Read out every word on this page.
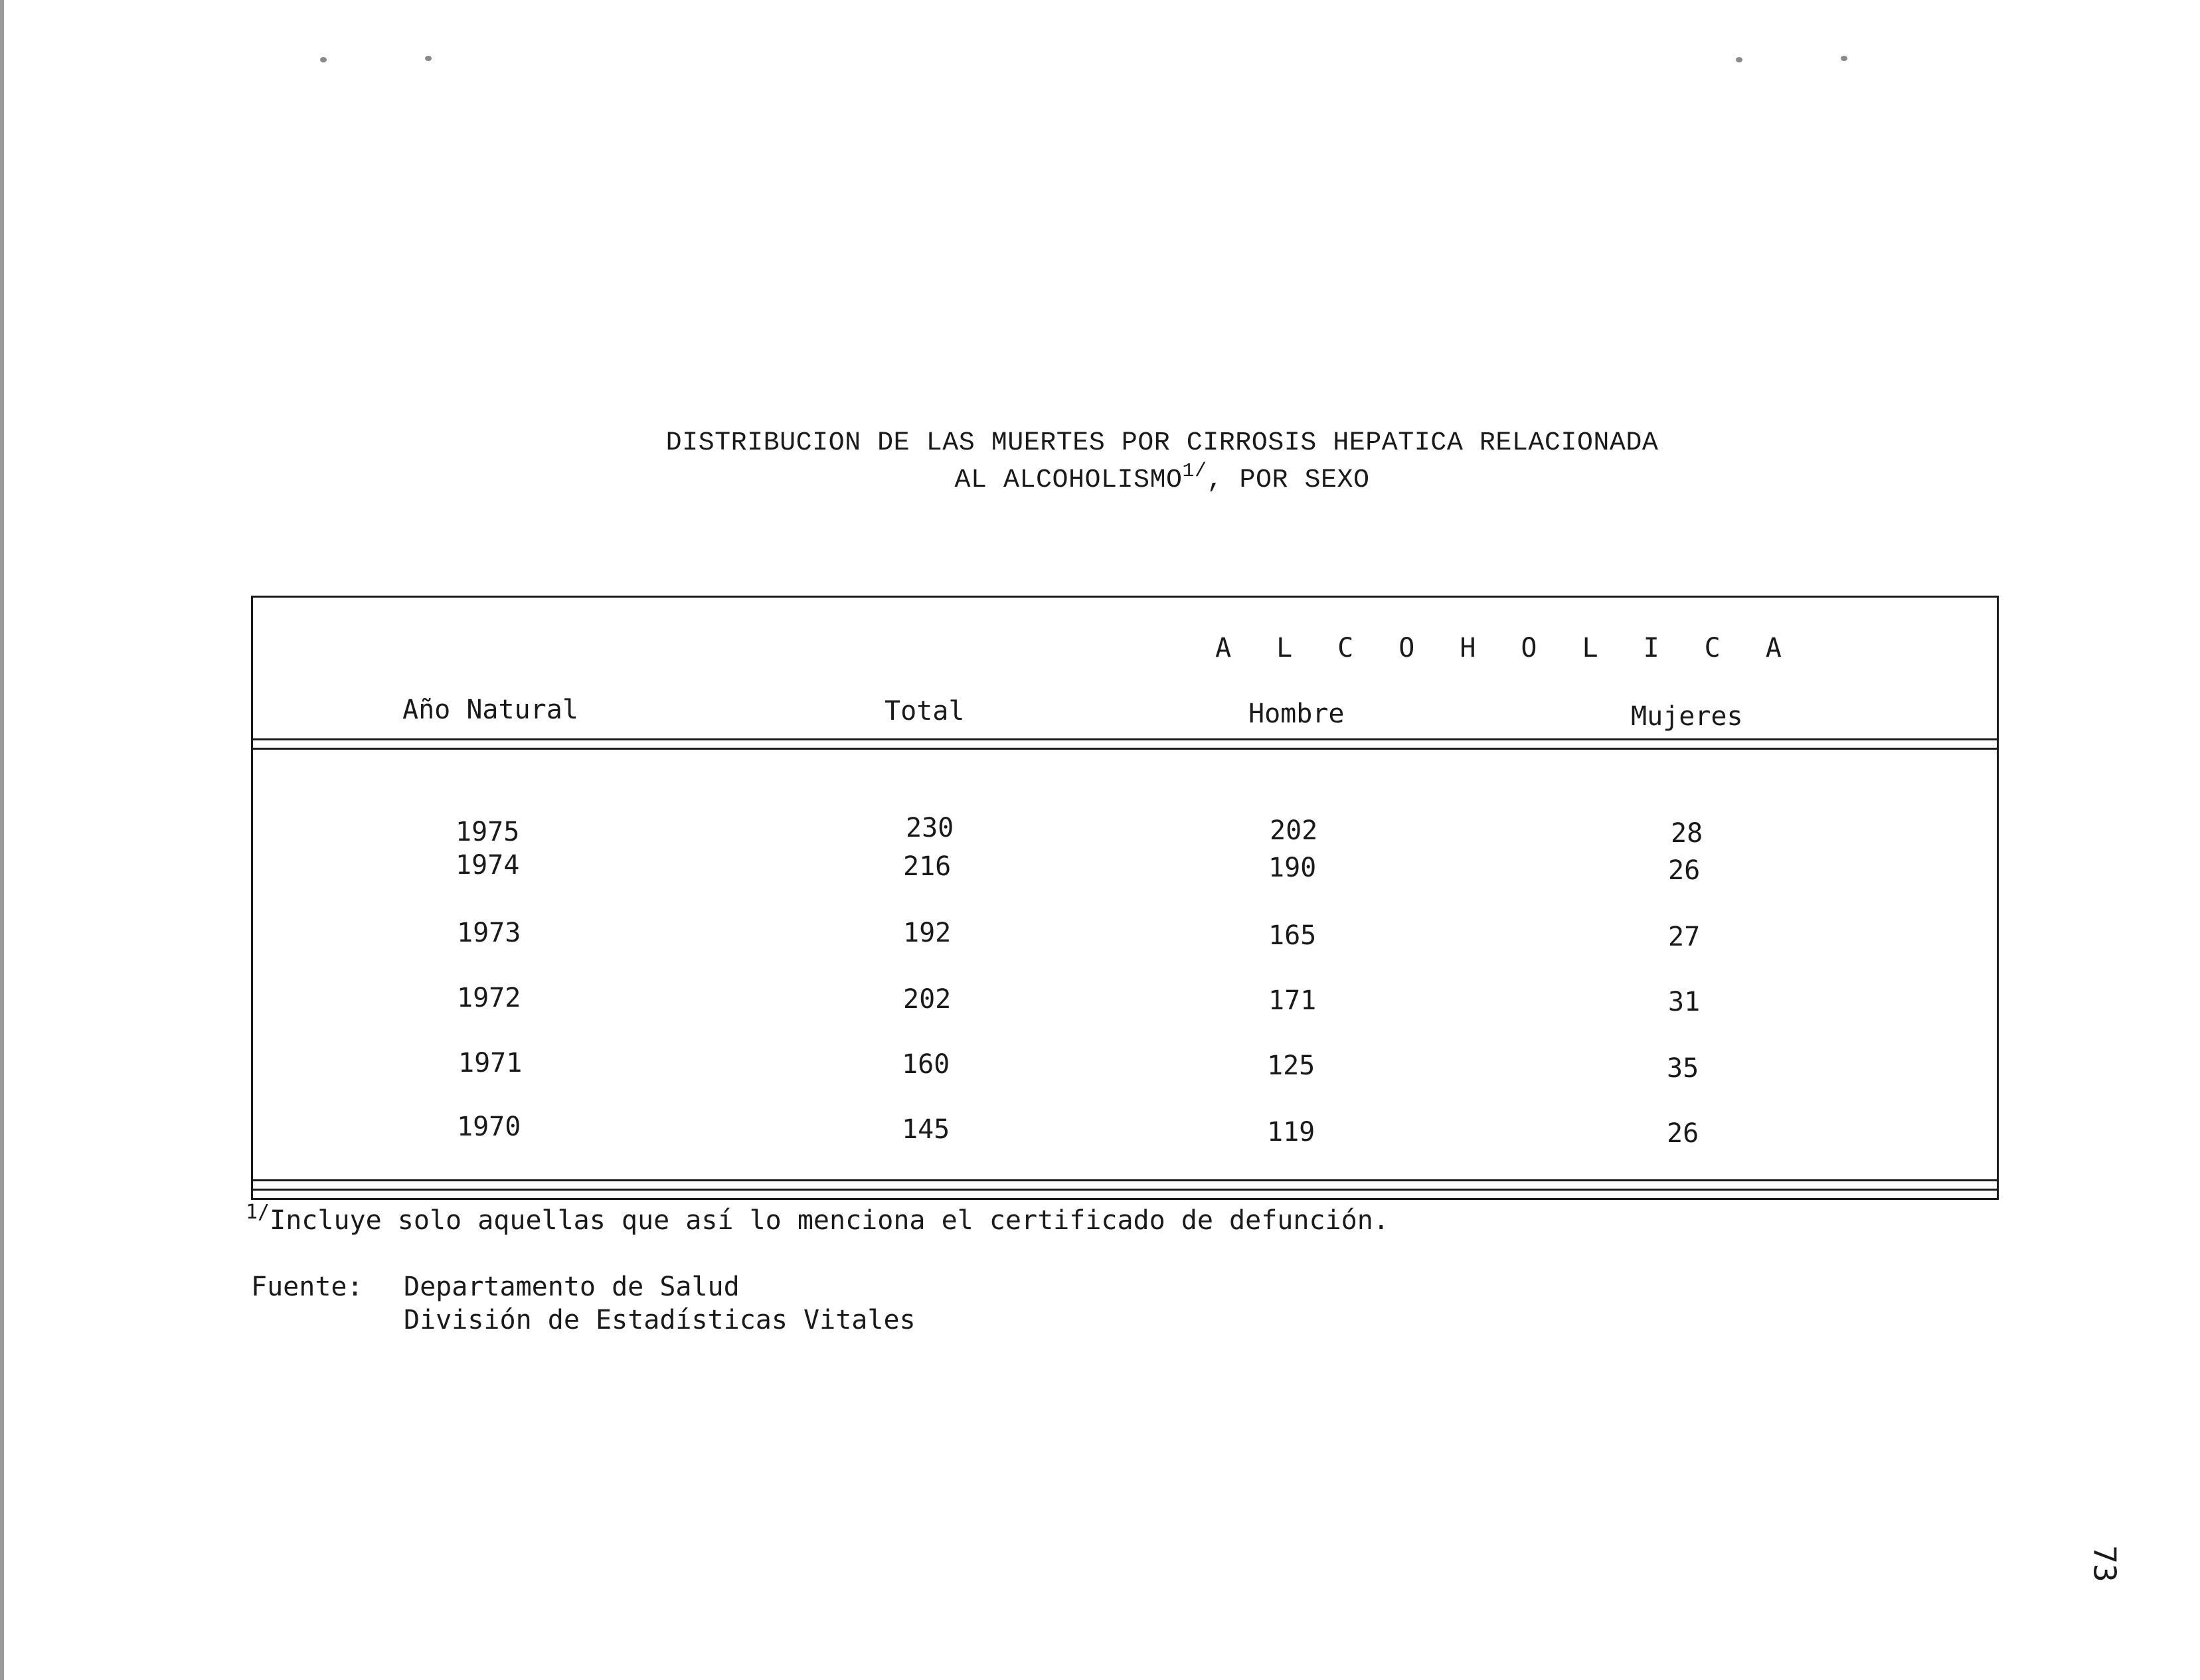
DISTRIBUCION DE LAS MUERTES POR CIRROSIS HEPATICA RELACIONADA
AL $ALCOHOLISMO^{1/}$, POR SEXO
ALCOHOLICA
Año Natural	Total	Hombre	Mujeres
1975	230	202	28
1974	216	190	26
1973	192	165	27
1972	202	171	31
1971	160	125	35
1970	145	119	26
$^{1/}$Incluye solo aquellas que así lo menciona el certificado de defunción.
Fuente: Departamento de Salud
División de Estadísticas Vitales
73
